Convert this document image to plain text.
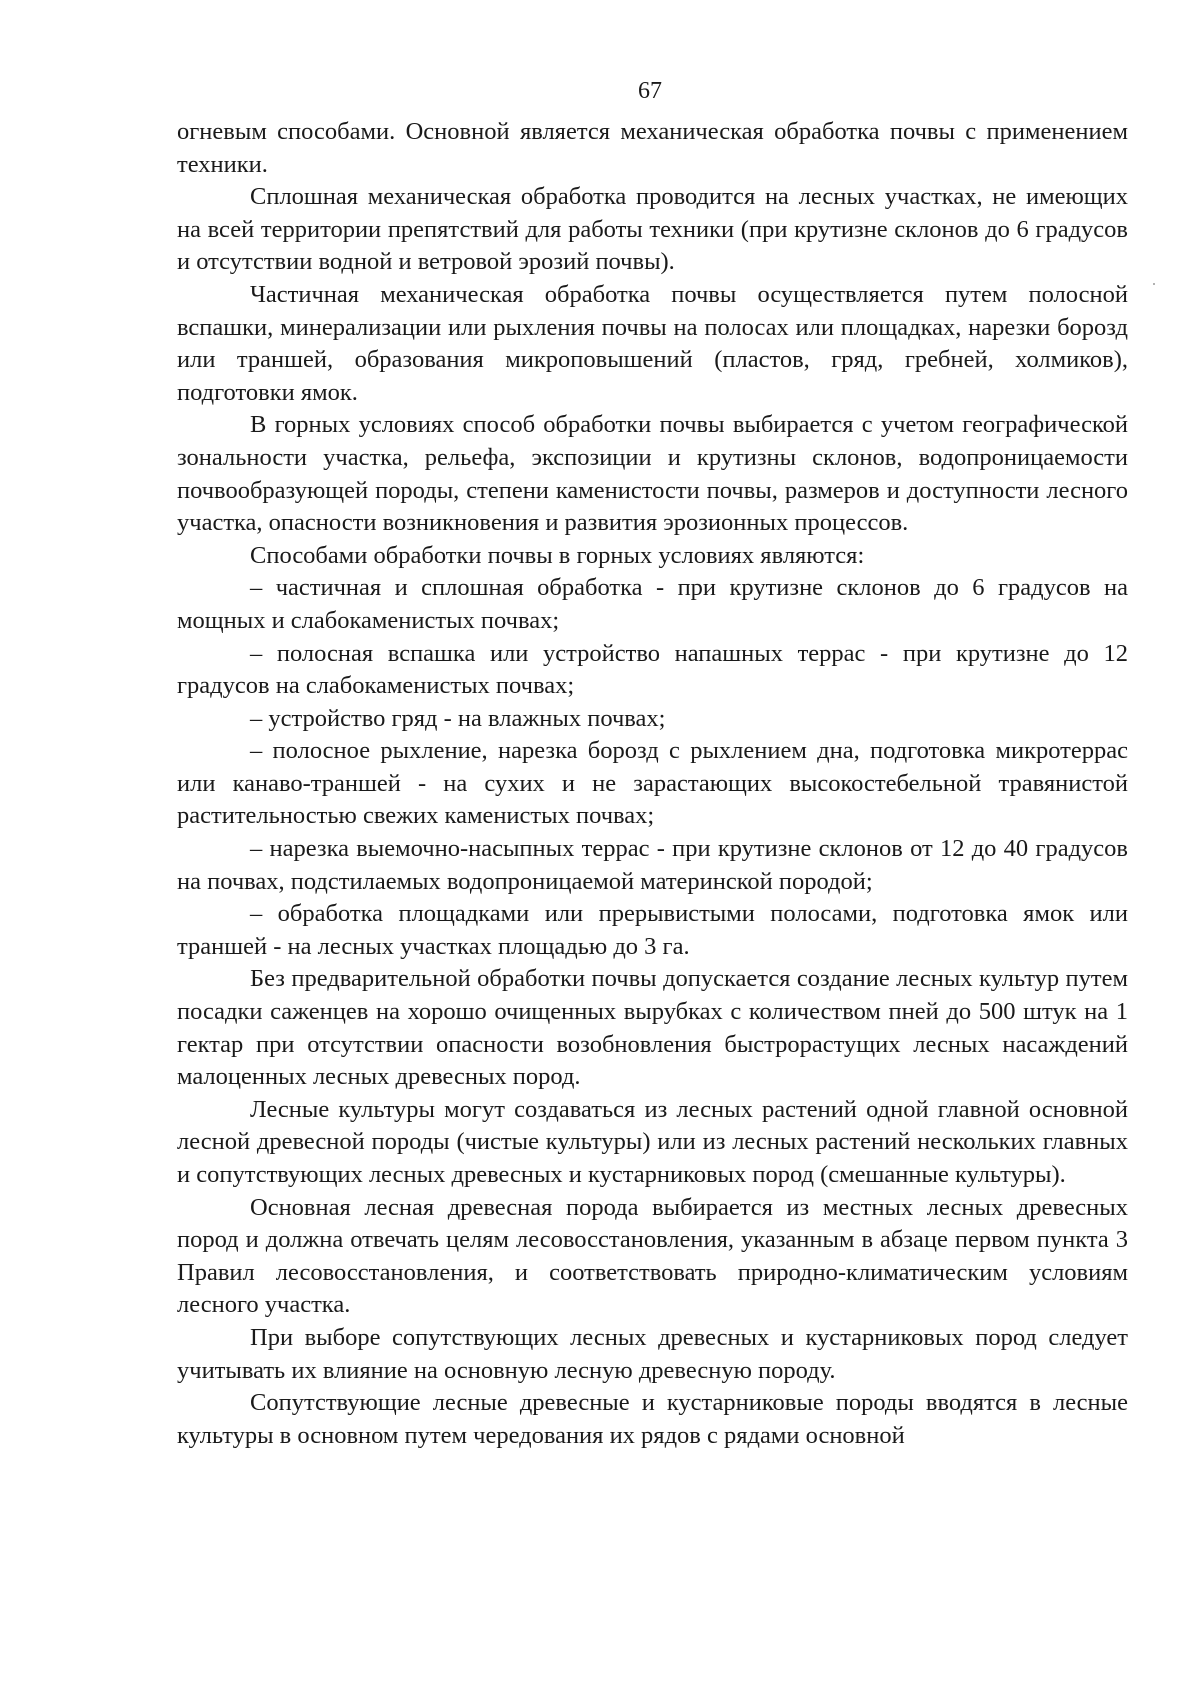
67

огневым способами. Основной является механическая обработка почвы с применением техники.

Сплошная механическая обработка проводится на лесных участках, не имеющих на всей территории препятствий для работы техники (при крутизне склонов до 6 градусов и отсутствии водной и ветровой эрозий почвы).

Частичная механическая обработка почвы осуществляется путем полосной вспашки, минерализации или рыхления почвы на полосах или площадках, нарезки борозд или траншей, образования микроповышений (пластов, гряд, гребней, холмиков), подготовки ямок.

В горных условиях способ обработки почвы выбирается с учетом географической зональности участка, рельефа, экспозиции и крутизны склонов, водопроницаемости почвообразующей породы, степени каменистости почвы, размеров и доступности лесного участка, опасности возникновения и развития эрозионных процессов.

Способами обработки почвы в горных условиях являются:

– частичная и сплошная обработка - при крутизне склонов до 6 градусов на мощных и слабокаменистых почвах;

– полосная вспашка или устройство напашных террас - при крутизне до 12 градусов на слабокаменистых почвах;

– устройство гряд - на влажных почвах;

– полосное рыхление, нарезка борозд с рыхлением дна, подготовка микротеррас или канаво-траншей - на сухих и не зарастающих высокостебельной травянистой растительностью свежих каменистых почвах;

– нарезка выемочно-насыпных террас - при крутизне склонов от 12 до 40 градусов на почвах, подстилаемых водопроницаемой материнской породой;

– обработка площадками или прерывистыми полосами, подготовка ямок или траншей - на лесных участках площадью до 3 га.

Без предварительной обработки почвы допускается создание лесных культур путем посадки саженцев на хорошо очищенных вырубках с количеством пней до 500 штук на 1 гектар при отсутствии опасности возобновления быстрорастущих лесных насаждений малоценных лесных древесных пород.

Лесные культуры могут создаваться из лесных растений одной главной основной лесной древесной породы (чистые культуры) или из лесных растений нескольких главных и сопутствующих лесных древесных и кустарниковых пород (смешанные культуры).

Основная лесная древесная порода выбирается из местных лесных древесных пород и должна отвечать целям лесовосстановления, указанным в абзаце первом пункта 3 Правил лесовосстановления, и соответствовать природно-климатическим условиям лесного участка.

При выборе сопутствующих лесных древесных и кустарниковых пород следует учитывать их влияние на основную лесную древесную породу.

Сопутствующие лесные древесные и кустарниковые породы вводятся в лесные культуры в основном путем чередования их рядов с рядами основной
